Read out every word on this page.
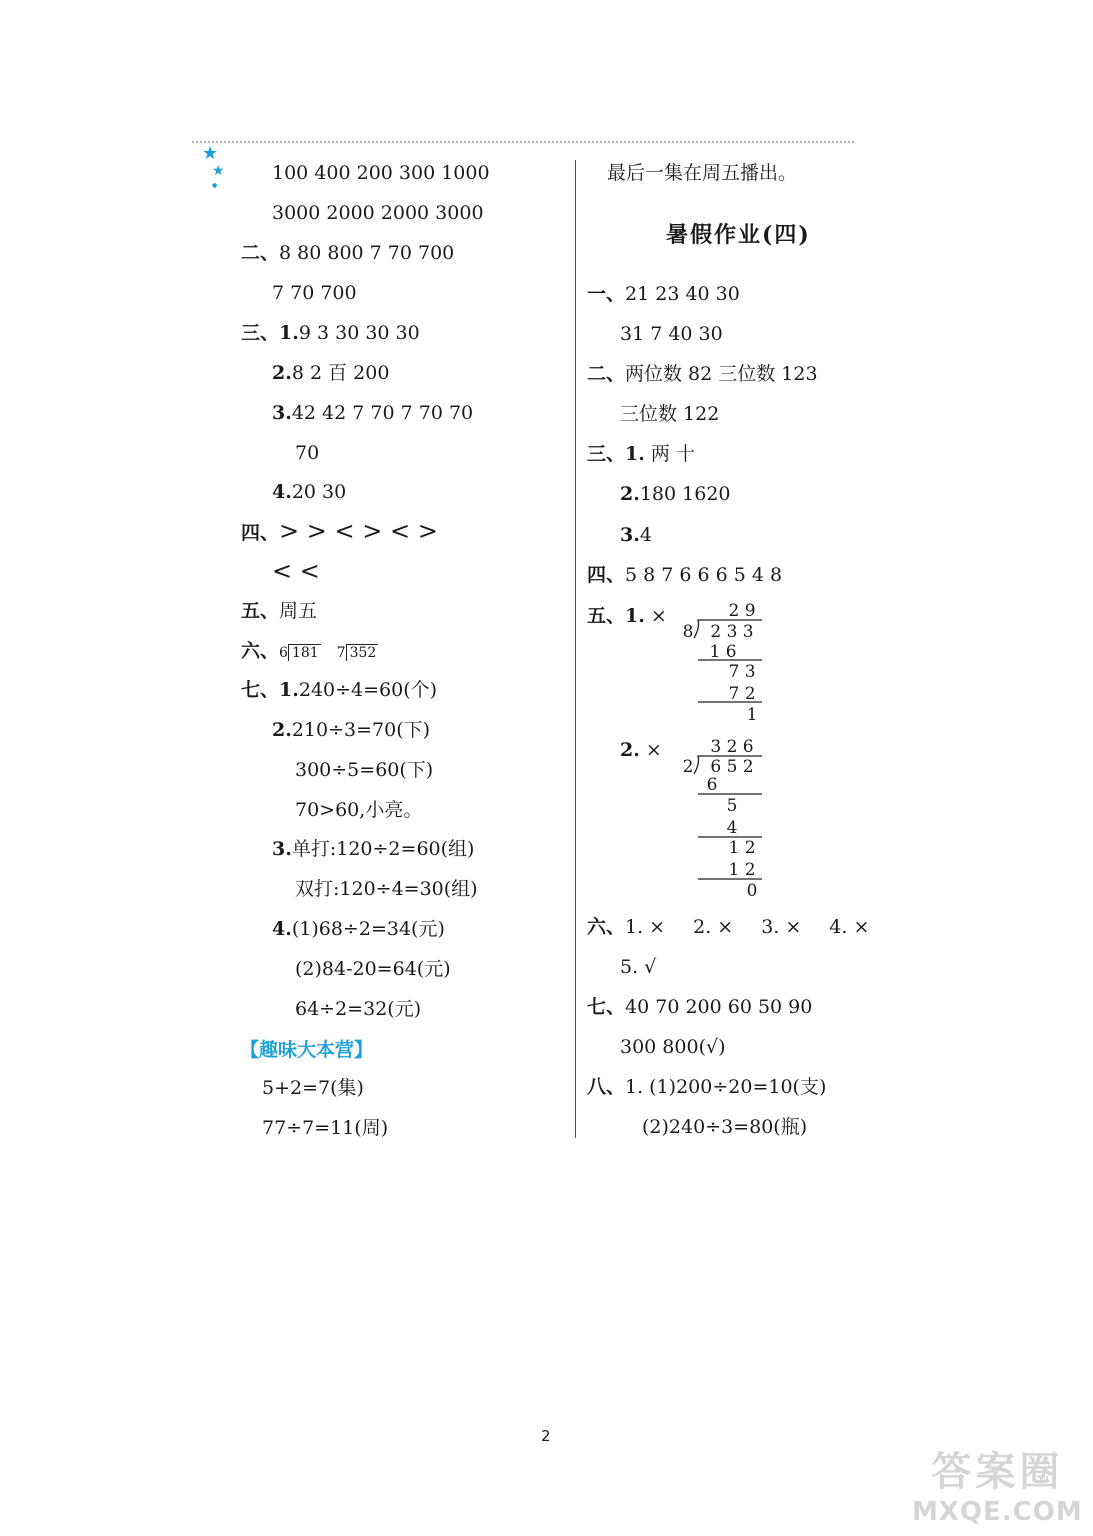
★
★
●
100 400 200 300 1000
3000 2000 2000 3000
二、8 80 800 7 70 700
7 70 700
三、1.9 3 30 30 30
2.8 2 百 200
3.42 42 7 70 7 70 70
70
4.20 30
四、> > < > < >
< <
五、周五
六、6 181 7 352
七、1.240÷4=60(个)
2.210÷3=70(下)
300÷5=60(下)
70>60,小亮。
3.单打:120÷2=60(组)
双打:120÷4=30(组)
4.(1)68÷2=34(元)
(2)84-20=64(元)
64÷2=32(元)
【趣味大本营】
5+2=7(集)
77÷7=11(周)
最后一集在周五播出。
暑假作业(四)
一、21 23 40 30
31 7 40 30
二、两位数 82 三位数 123
三位数 122
三、1. 两 十
2.180 1620
3.4
四、5 8 7 6 6 6 5 4 8
五、1. ×
2. ×
2 9
8 2 3 3
1 6
7 3
7 2
1
3 2 6
2 6 5 2
6
5
4
1 2
1 2
0
六、1. × 2. × 3. × 4. ×
5. √
七、40 70 200 60 50 90
300 800(√)
八、1. (1)200÷20=10(支)
(2)240÷3=80(瓶)
2
答案圈
MXQE.COM
